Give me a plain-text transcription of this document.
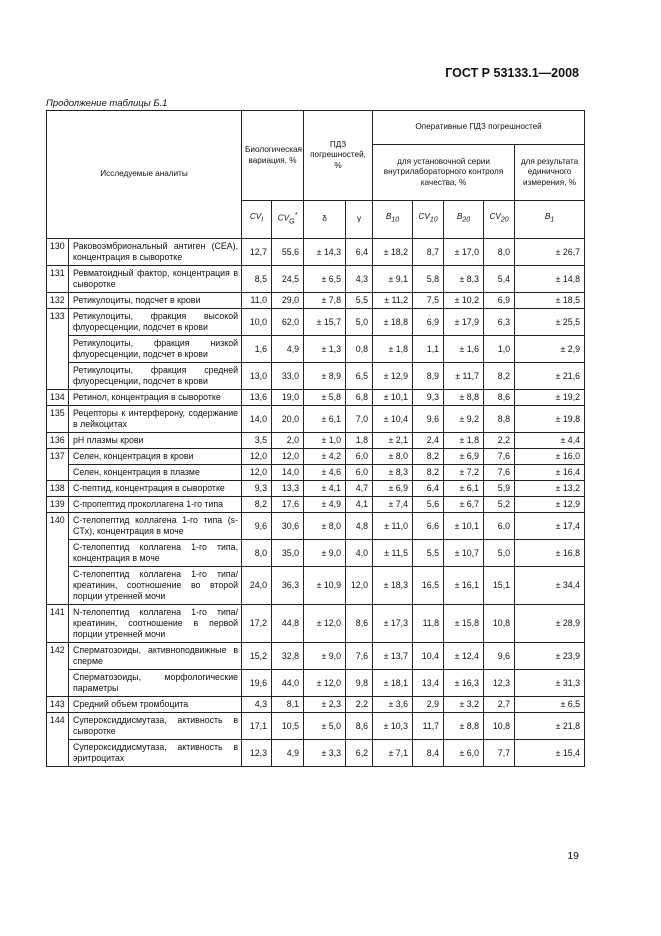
ГОСТ Р 53133.1—2008
Продолжение таблицы Б.1
Исследуемые аналиты		Биологическая вариация, %		ПДЗ погрешностей, %		Оперативные ПДЗ погрешностей				
						для установочной серии внутрилабораторного контроля качества, %				для результата единичного измерения, %
		$CV_I$	$CV_G^*$	δ	γ	$B_{10}$	$CV_{10}$	$B_{20}$	$CV_{20}$	$B_1$
130	Раковоэмбриональный антиген (CEA), концентрация в сыворотке	12,7	55,6	± 14,3	6,4	± 18,2	8,7	± 17,0	8,0	± 26,7
131	Ревматоидный фактор, концентрация в сыворотке	8,5	24,5	± 6,5	4,3	± 9,1	5,8	± 8,3	5,4	± 14,8
132	Ретикулоциты, подсчет в крови	11,0	29,0	± 7,8	5,5	± 11,2	7,5	± 10,2	6,9	± 18,5
133	Ретикулоциты, фракция высокой флуоресценции, подсчет в крови	10,0	62,0	± 15,7	5,0	± 18,8	6,9	± 17,9	6,3	± 25,5
	Ретикулоциты, фракция низкой флуоресценции, подсчет в крови	1,6	4,9	± 1,3	0,8	± 1,8	1,1	± 1,6	1,0	± 2,9
	Ретикулоциты, фракция средней флуоресценции, подсчет в крови	13,0	33,0	± 8,9	6,5	± 12,9	8,9	± 11,7	8,2	± 21,6
134	Ретинол, концентрация в сыворотке	13,6	19,0	± 5,8	6,8	± 10,1	9,3	± 8,8	8,6	± 19,2
135	Рецепторы к интерферону, содержание в лейкоцитах	14,0	20,0	± 6,1	7,0	± 10,4	9,6	± 9,2	8,8	± 19,8
136	pH плазмы крови	3,5	2,0	± 1,0	1,8	± 2,1	2,4	± 1,8	2,2	± 4,4
137	Селен, концентрация в крови	12,0	12,0	± 4,2	6,0	± 8,0	8,2	± 6,9	7,6	± 16,0
	Селен, концентрация в плазме	12,0	14,0	± 4,6	6,0	± 8,3	8,2	± 7,2	7,6	± 16,4
138	С-пептид, концентрация в сыворотке	9,3	13,3	± 4,1	4,7	± 6,9	6,4	± 6,1	5,9	± 13,2
139	С-пропептид проколлагена 1-го типа	8,2	17,6	± 4,9	4,1	± 7,4	5,6	± 6,7	5,2	± 12,9
140	С-телопептид коллагена 1-го типа (s-CTx), концентрация в моче	9,6	30,6	± 8,0	4,8	± 11,0	6,6	± 10,1	6,0	± 17,4
	С-телопептид коллагена 1-го типа, концентрация в моче	8,0	35,0	± 9,0	4,0	± 11,5	5,5	± 10,7	5,0	± 16,8
	С-телопептид коллагена 1-го типа/креатинин, соотношение во второй порции утренней мочи	24,0	36,3	± 10,9	12,0	± 18,3	16,5	± 16,1	15,1	± 34,4
141	N-телопептид коллагена 1-го типа/креатинин, соотношение в первой порции утренней мочи	17,2	44,8	± 12,0	8,6	± 17,3	11,8	± 15,8	10,8	± 28,9
142	Сперматозоиды, активноподвижные в сперме	15,2	32,8	± 9,0	7,6	± 13,7	10,4	± 12,4	9,6	± 23,9
	Сперматозоиды, морфологические параметры	19,6	44,0	± 12,0	9,8	± 18,1	13,4	± 16,3	12,3	± 31,3
143	Средний объем тромбоцита	4,3	8,1	± 2,3	2,2	± 3,6	2,9	± 3,2	2,7	± 6,5
144	Супероксиддисмутаза, активность в сыворотке	17,1	10,5	± 5,0	8,6	± 10,3	11,7	± 8,8	10,8	± 21,8
	Супероксиддисмутаза, активность в эритроцитах	12,3	4,9	± 3,3	6,2	± 7,1	8,4	± 6,0	7,7	± 15,4
19
